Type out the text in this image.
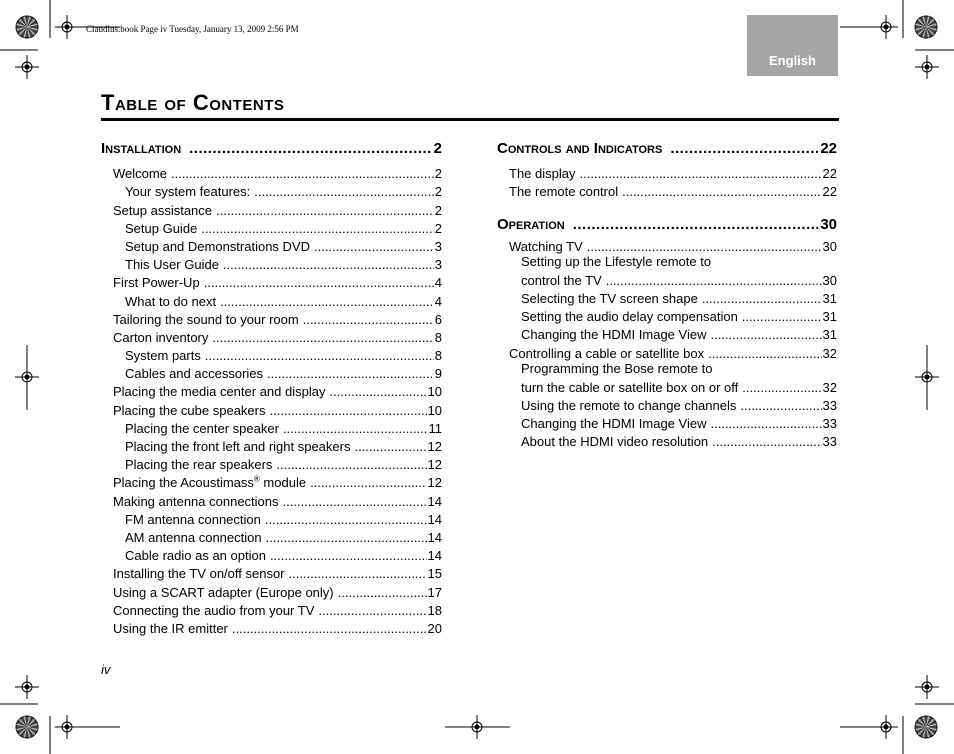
Claudius.book Page iv Tuesday, January 13, 2009 2:56 PM
English
Table of Contents
Installation .....	2
Welcome .....	2
Your system features: .....	2
Setup assistance .....	2
Setup Guide .....	2
Setup and Demonstrations DVD .....	3
This User Guide .....	3
First Power-Up .....	4
What to do next .....	4
Tailoring the sound to your room .....	6
Carton inventory .....	8
System parts .....	8
Cables and accessories .....	9
Placing the media center and display .....	10
Placing the cube speakers .....	10
Placing the center speaker .....	11
Placing the front left and right speakers .....	12
Placing the rear speakers .....	12
Placing the Acoustimass® module .....	12
Making antenna connections .....	14
FM antenna connection .....	14
AM antenna connection .....	14
Cable radio as an option .....	14
Installing the TV on/off sensor .....	15
Using a SCART adapter (Europe only) .....	17
Connecting the audio from your TV .....	18
Using the IR emitter .....	20
Controls and Indicators .....	22
The display .....	22
The remote control .....	22
Operation .....	30
Watching TV .....	30
Setting up the Lifestyle remote to
control the TV .....	30
Selecting the TV screen shape .....	31
Setting the audio delay compensation .....	31
Changing the HDMI Image View .....	31
Controlling a cable or satellite box .....	32
Programming the Bose remote to
turn the cable or satellite box on or off .....	32
Using the remote to change channels .....	33
Changing the HDMI Image View .....	33
About the HDMI video resolution .....	33
iv
